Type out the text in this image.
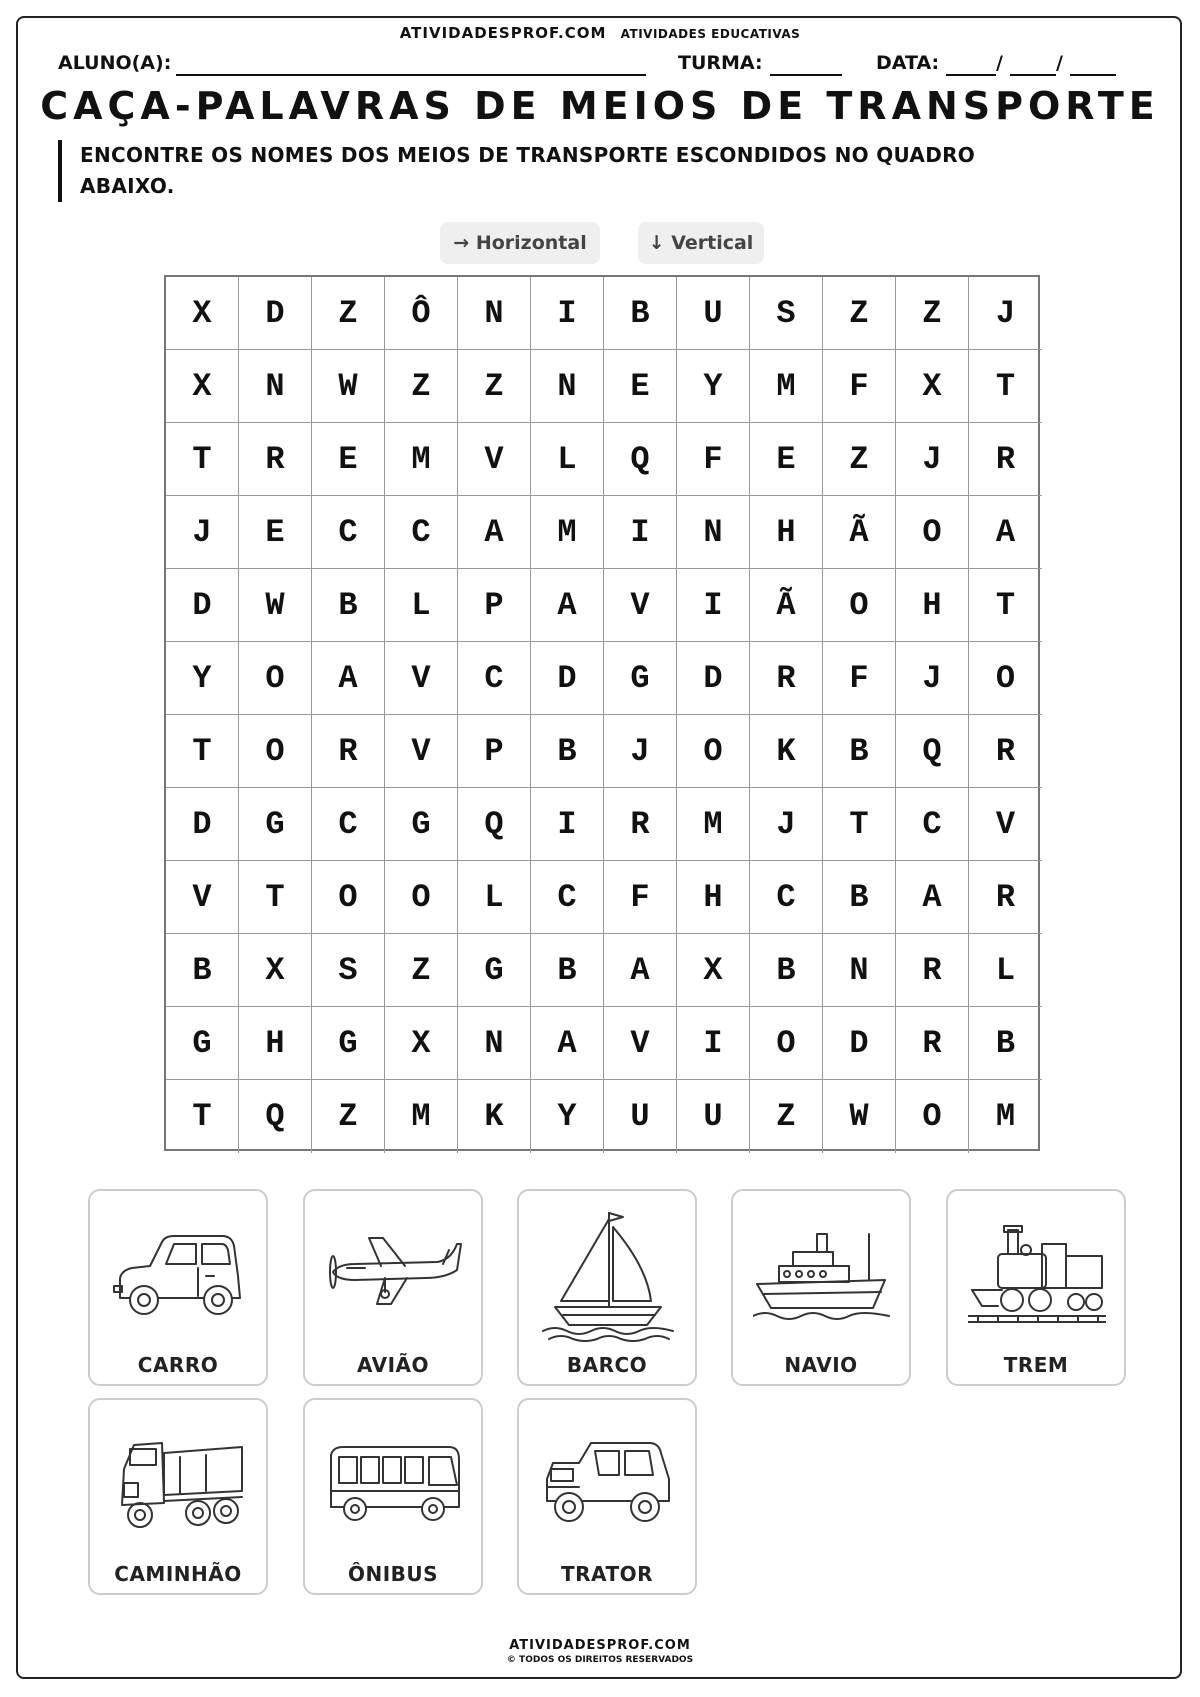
ATIVIDADESPROF.COM ATIVIDADES EDUCATIVAS
ALUNO(A):	TURMA:	DATA:	/	/
CAÇA-PALAVRAS DE MEIOS DE TRANSPORTE
ENCONTRE OS NOMES DOS MEIOS DE TRANSPORTE ESCONDIDOS NO QUADRO ABAIXO.
→ Horizontal	↓ Vertical
X	D	Z	Ô	N	I	B	U	S	Z	Z	J
X	N	W	Z	Z	N	E	Y	M	F	X	T
T	R	E	M	V	L	Q	F	E	Z	J	R
J	E	C	C	A	M	I	N	H	Ã	O	A
D	W	B	L	P	A	V	I	Ã	O	H	T
Y	O	A	V	C	D	G	D	R	F	J	O
T	O	R	V	P	B	J	O	K	B	Q	R
D	G	C	G	Q	I	R	M	J	T	C	V
V	T	O	O	L	C	F	H	C	B	A	R
B	X	S	Z	G	B	A	X	B	N	R	L
G	H	G	X	N	A	V	I	O	D	R	B
T	Q	Z	M	K	Y	U	U	Z	W	O	M
CARRO	AVIÃO	BARCO	NAVIO	TREM
CAMINHÃO	ÔNIBUS	TRATOR
ATIVIDADESPROF.COM
© TODOS OS DIREITOS RESERVADOS
